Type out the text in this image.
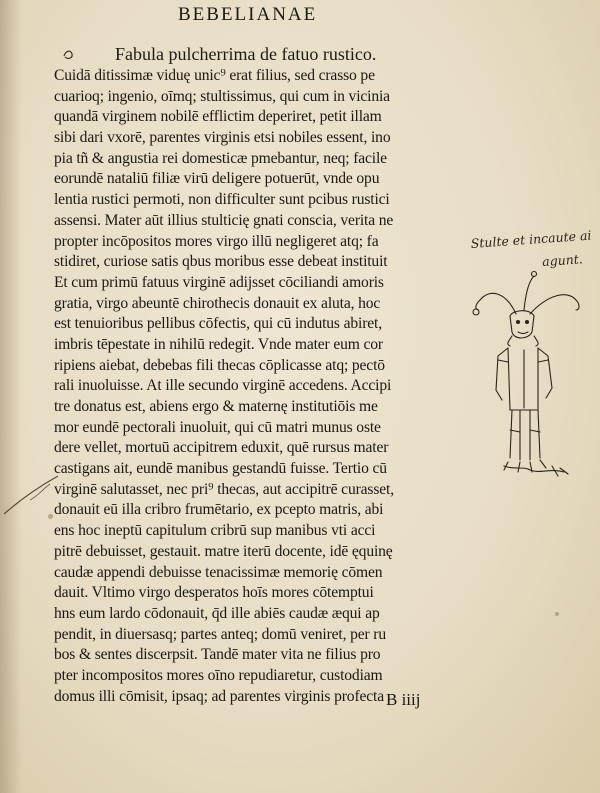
BEBELIANAE
Fabula pulcherrima de fatuo rustico.
Cuidā ditissimæ viduę unic⁹ erat filius, sed crasso pe
cuarioq; ingenio, oīmq; stultissimus, qui cum in vicinia
quandā virginem nobilē efflictim deperiret, petit illam
sibi dari vxorē, parentes virginis etsi nobiles essent, ino
pia tñ & angustia rei domesticæ pmebantur, neq; facile
eorundē nataliū filiæ virū deligere potuerūt, vnde opu
lentia rustici permoti, non difficulter sunt pcibus rustici
assensi. Mater aūt illius stulticię gnati conscia, verita ne
propter incōpositos mores virgo illū negligeret atq; fa
stidiret, curiose satis qbus moribus esse debeat instituit
Et cum primū fatuus virginē adijsset cōciliandi amoris
gratia, virgo abeuntē chirothecis donauit ex aluta, hoc
est tenuioribus pellibus cōfectis, qui cū indutus abiret,
imbris tēpestate in nihilū redegit. Vnde mater eum cor
ripiens aiebat, debebas fili thecas cōplicasse atq; pectō
rali inuoluisse. At ille secundo virginē accedens. Accipi
tre donatus est, abiens ergo & maternę institutiōis me
mor eundē pectorali inuoluit, qui cū matri munus oste
dere vellet, mortuū accipitrem eduxit, quē rursus mater
castigans ait, eundē manibus gestandū fuisse. Tertio cū
virginē salutasset, nec pri⁹ thecas, aut accipitrē curasset,
donauit eū illa cribro frumētario, ex pcepto matris, abi
ens hoc ineptū capitulum cribrū sup manibus vti acci
pitrē debuisset, gestauit. matre iterū docente, idē ęquinę
caudæ appendi debuisse tenacissimæ memorię cōmen
dauit. Vltimo virgo desperatos hoīs mores cōtemptui
hns eum lardo cōdonauit, q̄d ille abiēs caudæ æqui ap
pendit, in diuersasq; partes anteq; domū veniret, per ru
bos & sentes discerpsit. Tandē mater vita ne filius pro
pter incompositos mores oīno repudiaretur, custodiam
domus illi cōmisit, ipsaq; ad parentes virginis profecta B iiij
Stulte et incaute ai
agunt.
